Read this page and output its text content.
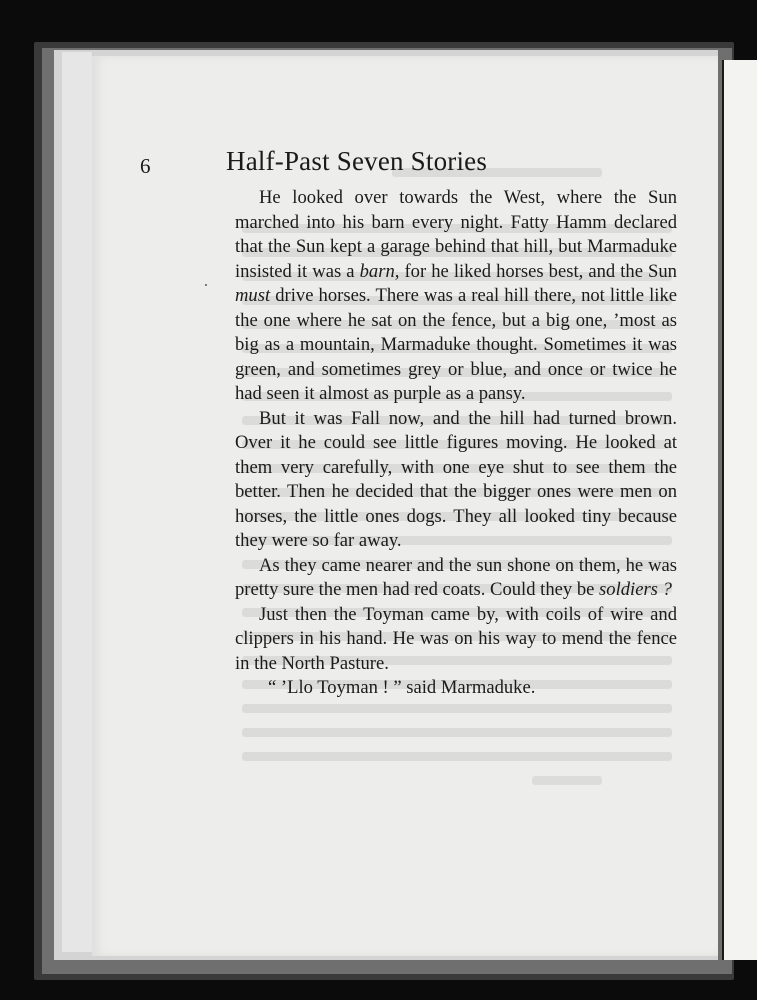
6	Half-Past Seven Stories

He looked over towards the West, where the Sun marched into his barn every night. Fatty Hamm declared that the Sun kept a garage behind that hill, but Marmaduke insisted it was a barn, for he liked horses best, and the Sun must drive horses. There was a real hill there, not little like the one where he sat on the fence, but a big one, ’most as big as a mountain, Marmaduke thought. Sometimes it was green, and sometimes grey or blue, and once or twice he had seen it almost as purple as a pansy.

But it was Fall now, and the hill had turned brown. Over it he could see little figures moving. He looked at them very carefully, with one eye shut to see them the better. Then he decided that the bigger ones were men on horses, the little ones dogs. They all looked tiny because they were so far away.

As they came nearer and the sun shone on them, he was pretty sure the men had red coats. Could they be soldiers ?

Just then the Toyman came by, with coils of wire and clippers in his hand. He was on his way to mend the fence in the North Pasture.

“ ’Llo Toyman ! ” said Marmaduke.
